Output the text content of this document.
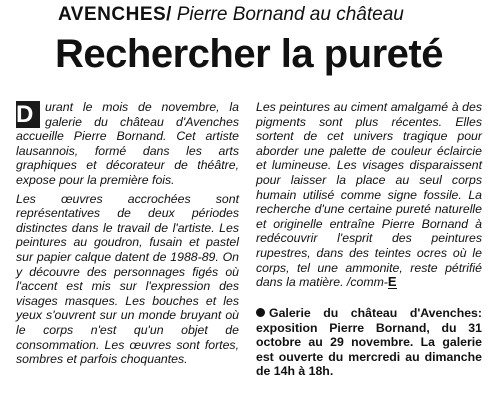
AVENCHES/ Pierre Bornand au château
Rechercher la pureté

D urant le mois de novembre, la galerie du château d'Avenches accueille Pierre Bornand. Cet artiste lausannois, formé dans les arts graphiques et décorateur de théâtre, expose pour la première fois.

Les œuvres accrochées sont représentatives de deux périodes distinctes dans le travail de l'artiste. Les peintures au goudron, fusain et pastel sur papier calque datent de 1988-89. On y découvre des personnages figés où l'accent est mis sur l'expression des visages masques. Les bouches et les yeux s'ouvrent sur un monde bruyant où le corps n'est qu'un objet de consommation. Les œuvres sont fortes, sombres et parfois choquantes.

Les peintures au ciment amalgamé à des pigments sont plus récentes. Elles sortent de cet univers tragique pour aborder une palette de couleur éclaircie et lumineuse. Les visages disparaissent pour laisser la place au seul corps humain utilisé comme signe fossile. La recherche d'une certaine pureté naturelle et originelle entraîne Pierre Bornand à redécouvrir l'esprit des peintures rupestres, dans des teintes ocres où le corps, tel une ammonite, reste pétrifié dans la matière. /comm-E

Galerie du château d'Avenches: exposition Pierre Bornand, du 31 octobre au 29 novembre. La galerie est ouverte du mercredi au dimanche de 14h à 18h.
